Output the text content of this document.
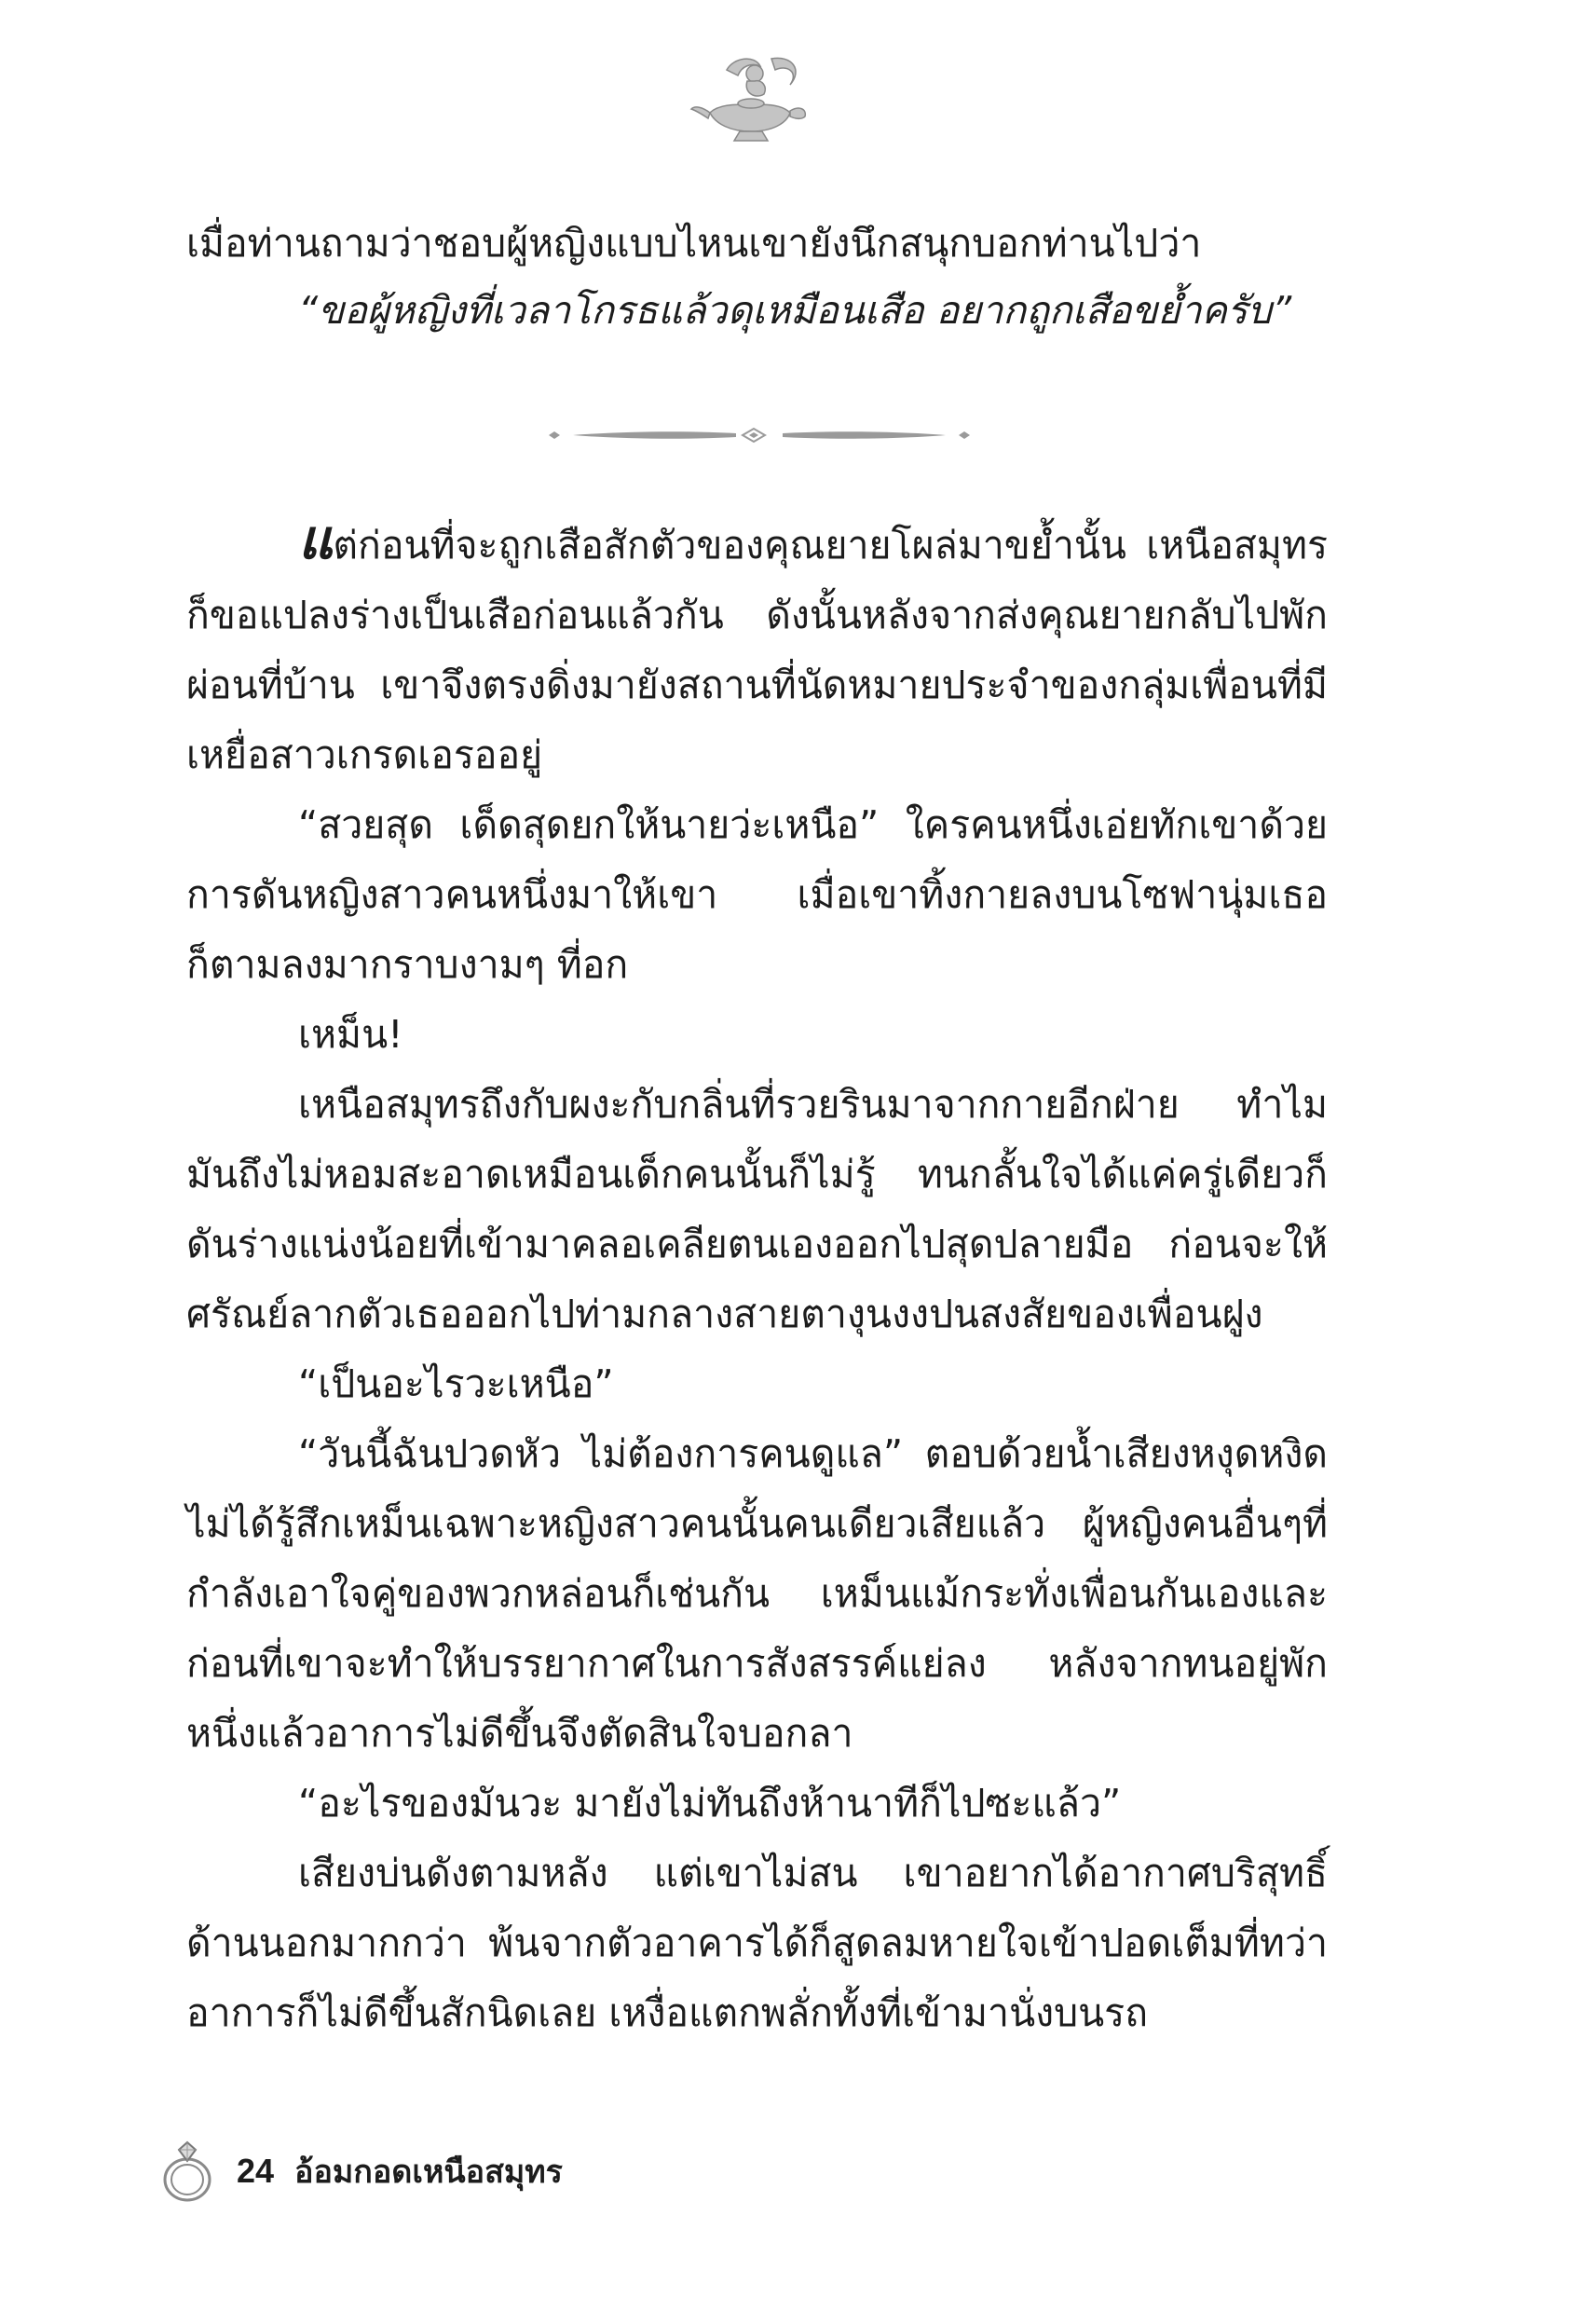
เมื่อท่านถามว่าชอบผู้หญิงแบบไหนเขายังนึกสนุกบอกท่านไปว่า
“ขอผู้หญิงที่เวลาโกรธแล้วดุเหมือนเสือ อยากถูกเสือขย้ำครับ”

แต่ก่อนที่จะถูกเสือสักตัวของคุณยายโผล่มาขย้ำนั้น เหนือสมุทรก็ขอแปลงร่างเป็นเสือก่อนแล้วกัน ดังนั้นหลังจากส่งคุณยายกลับไปพักผ่อนที่บ้าน เขาจึงตรงดิ่งมายังสถานที่นัดหมายประจำของกลุ่มเพื่อนที่มีเหยื่อสาวเกรดเอรออยู่

“สวยสุด เด็ดสุดยกให้นายว่ะเหนือ” ใครคนหนึ่งเอ่ยทักเขาด้วยการดันหญิงสาวคนหนึ่งมาให้เขา เมื่อเขาทิ้งกายลงบนโซฟานุ่มเธอก็ตามลงมากราบงามๆ ที่อก

เหม็น!

เหนือสมุทรถึงกับผงะกับกลิ่นที่รวยรินมาจากกายอีกฝ่าย ทำไมมันถึงไม่หอมสะอาดเหมือนเด็กคนนั้นก็ไม่รู้ ทนกลั้นใจได้แค่ครู่เดียวก็ดันร่างแน่งน้อยที่เข้ามาคลอเคลียตนเองออกไปสุดปลายมือ ก่อนจะให้ศรัณย์ลากตัวเธอออกไปท่ามกลางสายตางุนงงปนสงสัยของเพื่อนฝูง

“เป็นอะไรวะเหนือ”

“วันนี้ฉันปวดหัว ไม่ต้องการคนดูแล” ตอบด้วยน้ำเสียงหงุดหงิดไม่ได้รู้สึกเหม็นเฉพาะหญิงสาวคนนั้นคนเดียวเสียแล้ว ผู้หญิงคนอื่นๆที่กำลังเอาใจคู่ของพวกหล่อนก็เช่นกัน เหม็นแม้กระทั่งเพื่อนกันเองและก่อนที่เขาจะทำให้บรรยากาศในการสังสรรค์แย่ลง หลังจากทนอยู่พักหนึ่งแล้วอาการไม่ดีขึ้นจึงตัดสินใจบอกลา

“อะไรของมันวะ มายังไม่ทันถึงห้านาทีก็ไปซะแล้ว”

เสียงบ่นดังตามหลัง แต่เขาไม่สน เขาอยากได้อากาศบริสุทธิ์ด้านนอกมากกว่า พ้นจากตัวอาคารได้ก็สูดลมหายใจเข้าปอดเต็มที่ทว่าอาการก็ไม่ดีขึ้นสักนิดเลย เหงื่อแตกพลั่กทั้งที่เข้ามานั่งบนรถ

24 อ้อมกอดเหนือสมุทร
